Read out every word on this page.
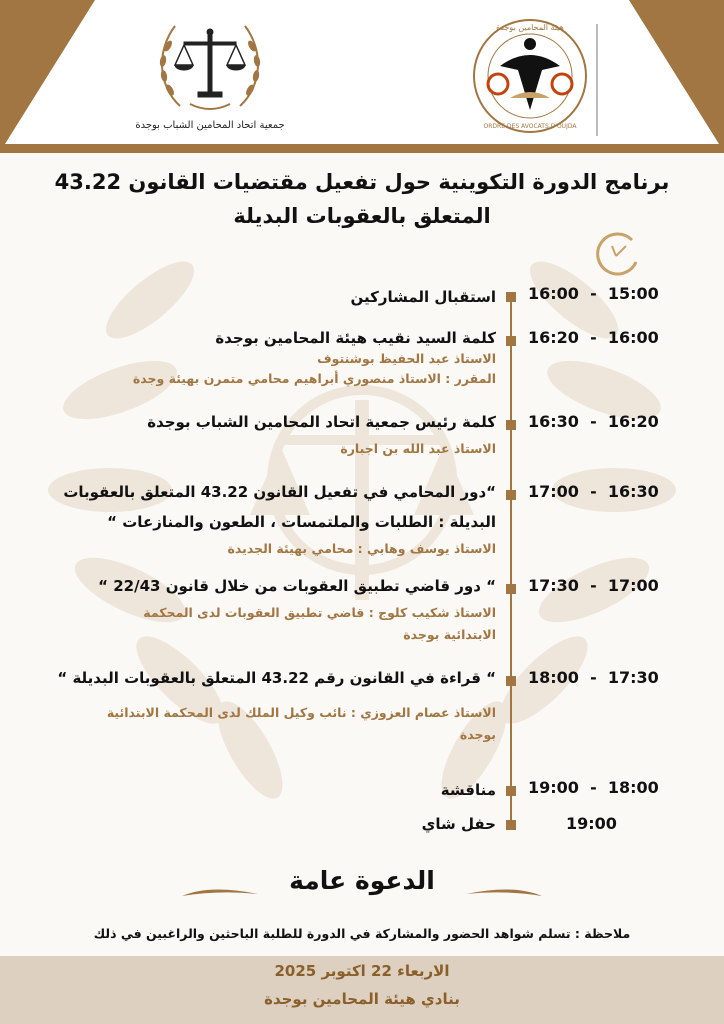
جمعية اتحاد المحامين الشباب بوجدة
هيئة المحامين بوجدة
ORDRE DES AVOCATS D'OUJDA
برنامج الدورة التكوينية حول تفعيل مقتضيات القانون 43.22
المتعلق بالعقوبات البديلة
16:00  -  15:00
استقبال المشاركين
16:20  -  16:00
كلمة السيد نقيب هيئة المحامين بوجدة
الاستاذ عبد الحفيظ بوشنتوف
المقرر : الاستاذ منصوري أبراهيم محامي متمرن بهيئة وجدة
16:30  -  16:20
كلمة رئيس جمعية اتحاد المحامين الشباب بوجدة
الاستاذ عبد الله بن اجبارة
17:00  -  16:30
“دور المحامي في تفعيل القانون 43.22 المتعلق بالعقوبات
البديلة : الطلبات والملتمسات ، الطعون والمنازعات “
الاستاذ يوسف وهابي : محامي بهيئة الجديدة
17:30  -  17:00
“ دور قاضي تطبيق العقوبات من خلال قانون 22/43 “
الاستاذ شكيب كلوج : قاضي تطبيق العقوبات لدى المحكمة
الابتدائية بوجدة
18:00  -  17:30
“ قراءة في القانون رقم 43.22 المتعلق بالعقوبات البديلة “
الاستاذ عصام العزوزي : نائب وكيل الملك لدى المحكمة الابتدائية
بوجدة
19:00  -  18:00
مناقشة
19:00
حفل شاي
الدعوة عامة
ملاحظة : تسلم شواهد الحضور والمشاركة في الدورة للطلبة الباحثين والراغبين في ذلك
الاربعاء 22 اكتوبر 2025
بنادي هيئة المحامين بوجدة
